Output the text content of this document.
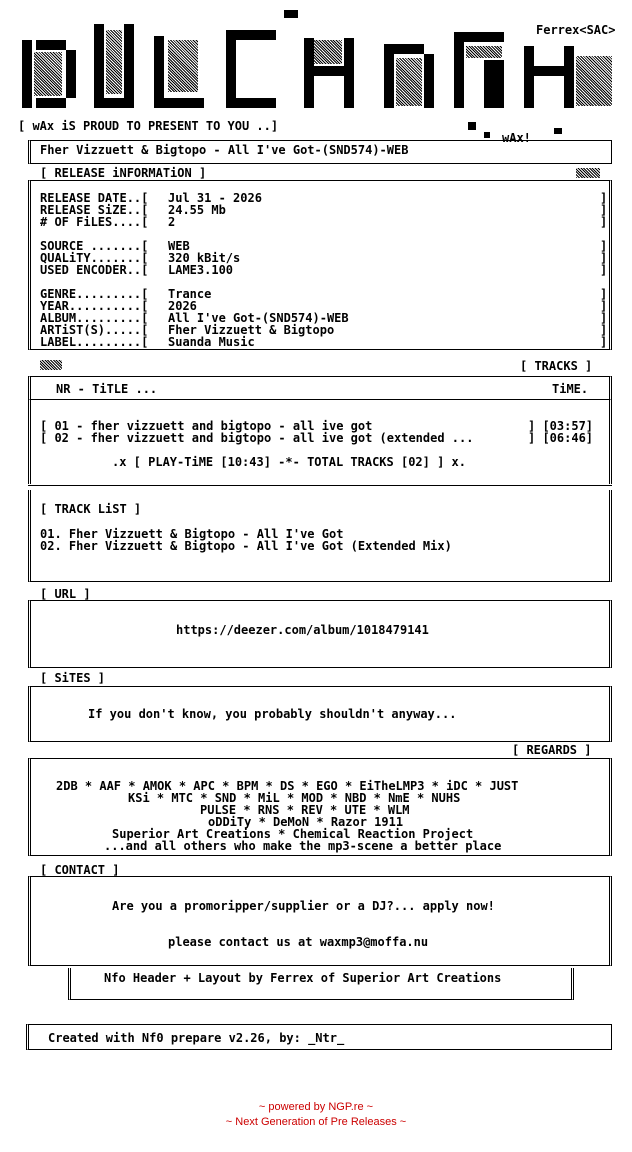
Ferrex<SAC>
[ wAx iS PROUD TO PRESENT TO YOU ..]
wAx!
Fher Vizzuett & Bigtopo - All I've Got-(SND574)-WEB
[ RELEASE iNFORMATiON ]
RELEASE DATE..[ Jul 31 - 2026	]
RELEASE SiZE..[ 24.55 Mb	]
# OF FiLES....[ 2	]
SOURCE .......[ WEB	]
QUALiTY.......[ 320 kBit/s	]
USED ENCODER..[ LAME3.100	]
GENRE.........[ Trance	]
YEAR..........[ 2026	]
ALBUM.........[ All I've Got-(SND574)-WEB	]
ARTiST(S).....[ Fher Vizzuett & Bigtopo	]
LABEL.........[ Suanda Music	]
[ TRACKS ]
NR - TiTLE ...	TiME.
[ 01 - fher vizzuett and bigtopo - all ive got	] [03:57]
[ 02 - fher vizzuett and bigtopo - all ive got (extended ...	] [06:46]
.x [ PLAY-TiME [10:43] -*- TOTAL TRACKS [02] ] x.
[ TRACK LiST ]
01. Fher Vizzuett & Bigtopo - All I've Got
02. Fher Vizzuett & Bigtopo - All I've Got (Extended Mix)
[ URL ]
https://deezer.com/album/1018479141
[ SiTES ]
If you don't know, you probably shouldn't anyway...
[ REGARDS ]
2DB * AAF * AMOK * APC * BPM * DS * EGO * EiTheLMP3 * iDC * JUST
KSi * MTC * SND * MiL * MOD * NBD * NmE * NUHS
PULSE * RNS * REV * UTE * WLM
oDDiTy * DeMoN * Razor 1911
Superior Art Creations * Chemical Reaction Project
...and all others who make the mp3-scene a better place
[ CONTACT ]
Are you a promoripper/supplier or a DJ?... apply now!
please contact us at waxmp3@moffa.nu
Nfo Header + Layout by Ferrex of Superior Art Creations
Created with Nf0 prepare v2.26, by: _Ntr_
~ powered by NGP.re ~
~ Next Generation of Pre Releases ~
